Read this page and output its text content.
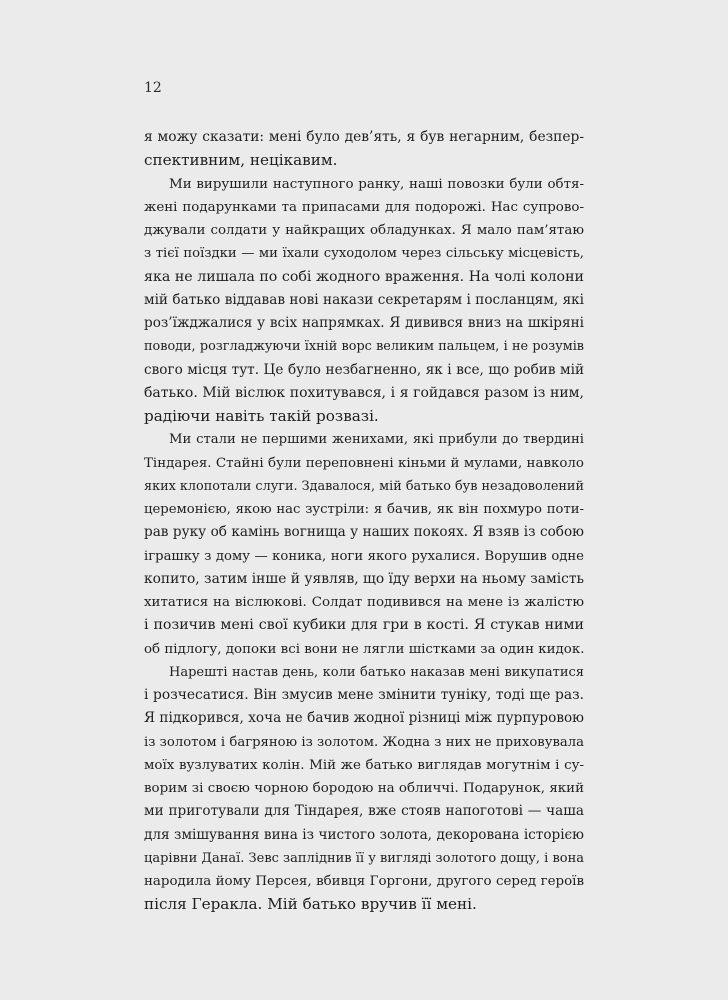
12
я можу сказати: мені було дев’ять, я був негарним, безпер-
спективним, нецікавим.
Ми вирушили наступного ранку, наші повозки були обтя-
жені подарунками та припасами для подорожі. Нас супрово-
джували солдати у найкращих обладунках. Я мало пам’ятаю
з тієї поїздки — ми їхали суходолом через сільську місцевість,
яка не лишала по собі жодного враження. На чолі колони
мій батько віддавав нові накази секретарям і посланцям, які
роз’їжджалися у всіх напрямках. Я дивився вниз на шкіряні
поводи, розгладжуючи їхній ворс великим пальцем, і не розумів
свого місця тут. Це було незбагненно, як і все, що робив мій
батько. Мій віслюк похитувався, і я гойдався разом із ним,
радіючи навіть такій розвазі.
Ми стали не першими женихами, які прибули до твердині
Тіндарея. Стайні були переповнені кіньми й мулами, навколо
яких клопотали слуги. Здавалося, мій батько був незадоволений
церемонією, якою нас зустріли: я бачив, як він похмуро поти-
рав руку об камінь вогнища у наших покоях. Я взяв із собою
іграшку з дому — коника, ноги якого рухалися. Ворушив одне
копито, затим інше й уявляв, що їду верхи на ньому замість
хитатися на віслюкові. Солдат подивився на мене із жалістю
і позичив мені свої кубики для гри в кості. Я стукав ними
об підлогу, допоки всі вони не лягли шістками за один кидок.
Нарешті настав день, коли батько наказав мені викупатися
і розчесатися. Він змусив мене змінити туніку, тоді ще раз.
Я підкорився, хоча не бачив жодної різниці між пурпуровою
із золотом і багряною із золотом. Жодна з них не приховувала
моїх вузлуватих колін. Мій же батько виглядав могутнім і су-
ворим зі своєю чорною бородою на обличчі. Подарунок, який
ми приготували для Тіндарея, вже стояв напоготові — чаша
для змішування вина із чистого золота, декорована історією
царівни Данаї. Зевс запліднив її у вигляді золотого дощу, і вона
народила йому Персея, вбивця Горгони, другого серед героїв
після Геракла. Мій батько вручив її мені.
